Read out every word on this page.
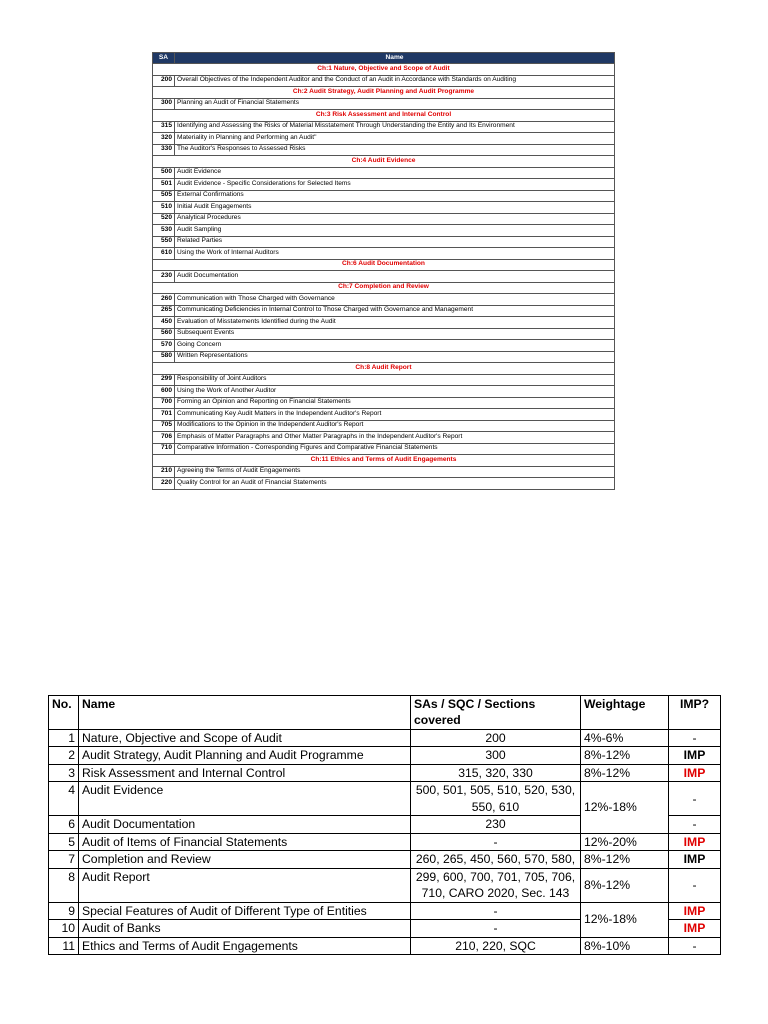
SA	Name
Ch:1 Nature, Objective and Scope of Audit	
200	Overall Objectives of the Independent Auditor and the Conduct of an Audit in Accordance with Standards on Auditing
Ch:2 Audit Strategy, Audit Planning and Audit Programme	
300	Planning an Audit of Financial Statements
Ch:3 Risk Assessment and Internal Control	
315	Identifying and Assessing the Risks of Material Misstatement Through Understanding the Entity and Its Environment
320	Materiality in Planning and Performing an Audit"
330	The Auditor's Responses to Assessed Risks
Ch:4 Audit Evidence	
500	Audit Evidence
501	Audit Evidence - Specific Considerations for Selected Items
505	External Confirmations
510	Initial Audit Engagements
520	Analytical Procedures
530	Audit Sampling
550	Related Parties
610	Using the Work of Internal Auditors
Ch:6 Audit Documentation	
230	Audit Documentation
Ch:7 Completion and Review	
260	Communication with Those Charged with Governance
265	Communicating Deficiencies in Internal Control to Those Charged with Governance and Management
450	Evaluation of Misstatements Identified during the Audit
560	Subsequent Events
570	Going Concern
580	Written Representations
Ch:8 Audit Report	
299	Responsibility of Joint Auditors
600	Using the Work of Another Auditor
700	Forming an Opinion and Reporting on Financial Statements
701	Communicating Key Audit Matters in the Independent Auditor's Report
705	Modifications to the Opinion in the Independent Auditor's Report
706	Emphasis of Matter Paragraphs and Other Matter Paragraphs in the Independent Auditor's Report
710	Comparative Information - Corresponding Figures and Comparative Financial Statements
Ch:11 Ethics and Terms of Audit Engagements	
210	Agreeing the Terms of Audit Engagements
220	Quality Control for an Audit of Financial Statements
No.	Name	SAs / SQC / Sections covered	Weightage	IMP?
1	Nature, Objective and Scope of Audit	200	4%-6%	-
2	Audit Strategy, Audit Planning and Audit Programme	300	8%-12%	IMP
3	Risk Assessment and Internal Control	315, 320, 330	8%-12%	IMP
4	Audit Evidence	500, 501, 505, 510, 520, 530,
550, 610	12%-18%	-
6	Audit Documentation	230		-
5	Audit of Items of Financial Statements	-	12%-20%	IMP
7	Completion and Review	260, 265, 450, 560, 570, 580,	8%-12%	IMP
8	Audit Report	299, 600, 700, 701, 705, 706,
710, CARO 2020, Sec. 143	8%-12%	-
9	Special Features of Audit of Different Type of Entities	-	12%-18%	IMP
10	Audit of Banks	-		IMP
11	Ethics and Terms of Audit Engagements	210, 220, SQC	8%-10%	-
